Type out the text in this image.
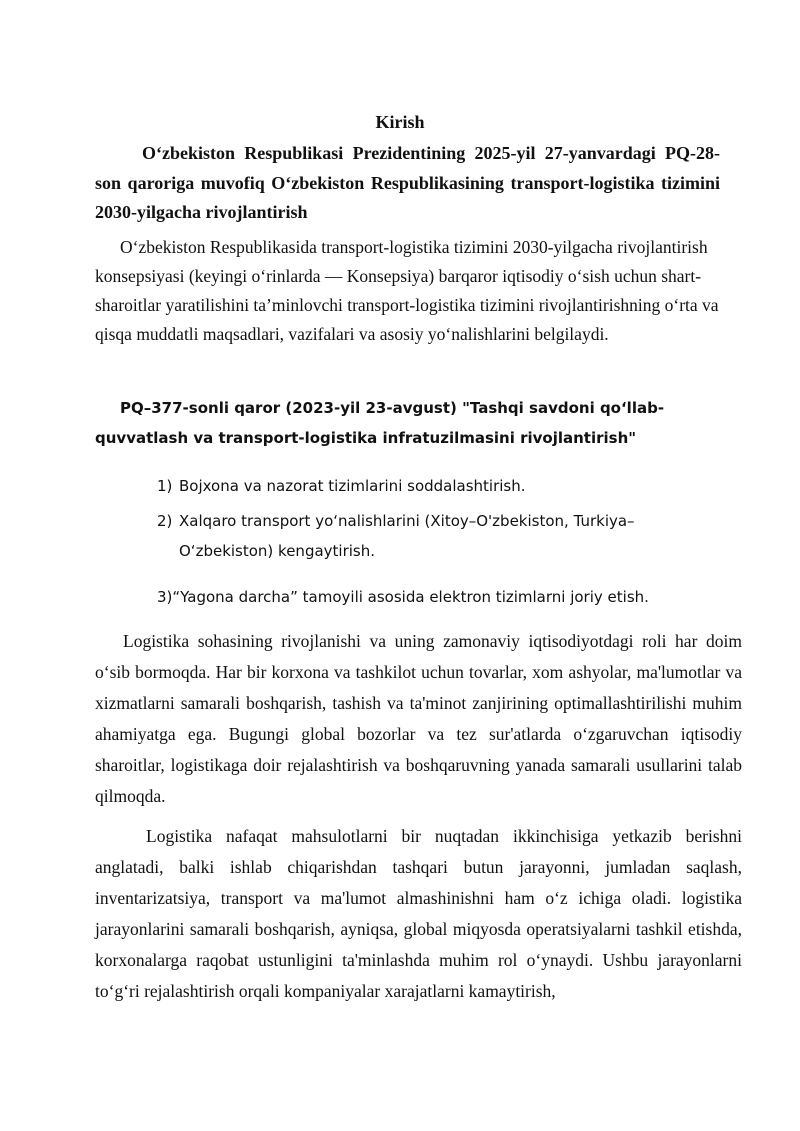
Kirish

O‘zbekiston Respublikasi Prezidentining 2025-yil 27-yanvardagi PQ-28-son qaroriga muvofiq O‘zbekiston Respublikasining transport-logistika tizimini 2030-yilgacha rivojlantirish

O‘zbekiston Respublikasida transport-logistika tizimini 2030-yilgacha rivojlantirish konsepsiyasi (keyingi o‘rinlarda — Konsepsiya) barqaror iqtisodiy o‘sish uchun shart-sharoitlar yaratilishini ta’minlovchi transport-logistika tizimini rivojlantirishning o‘rta va qisqa muddatli maqsadlari, vazifalari va asosiy yo‘nalishlarini belgilaydi.

PQ–377-sonli qaror (2023-yil 23-avgust) "Tashqi savdoni qo‘llab-quvvatlash va transport-logistika infratuzilmasini rivojlantirish"

1) Bojxona va nazorat tizimlarini soddalashtirish.
2) Xalqaro transport yo‘nalishlarini (Xitoy–O'zbekiston, Turkiya–
O‘zbekiston) kengaytirish.
3)“Yagona darcha” tamoyili asosida elektron tizimlarni joriy etish.

Logistika sohasining rivojlanishi va uning zamonaviy iqtisodiyotdagi roli har doim o‘sib bormoqda. Har bir korxona va tashkilot uchun tovarlar, xom ashyolar, ma'lumotlar va xizmatlarni samarali boshqarish, tashish va ta'minot zanjirining optimallashtirilishi muhim ahamiyatga ega. Bugungi global bozorlar va tez sur'atlarda o‘zgaruvchan iqtisodiy sharoitlar, logistikaga doir rejalashtirish va boshqaruvning yanada samarali usullarini talab qilmoqda.

Logistika nafaqat mahsulotlarni bir nuqtadan ikkinchisiga yetkazib berishni anglatadi, balki ishlab chiqarishdan tashqari butun jarayonni, jumladan saqlash, inventarizatsiya, transport va ma'lumot almashinishni ham o‘z ichiga oladi. logistika jarayonlarini samarali boshqarish, ayniqsa, global miqyosda operatsiyalarni tashkil etishda, korxonalarga raqobat ustunligini ta'minlashda muhim rol o‘ynaydi. Ushbu jarayonlarni to‘g‘ri rejalashtirish orqali kompaniyalar xarajatlarni kamaytirish,
